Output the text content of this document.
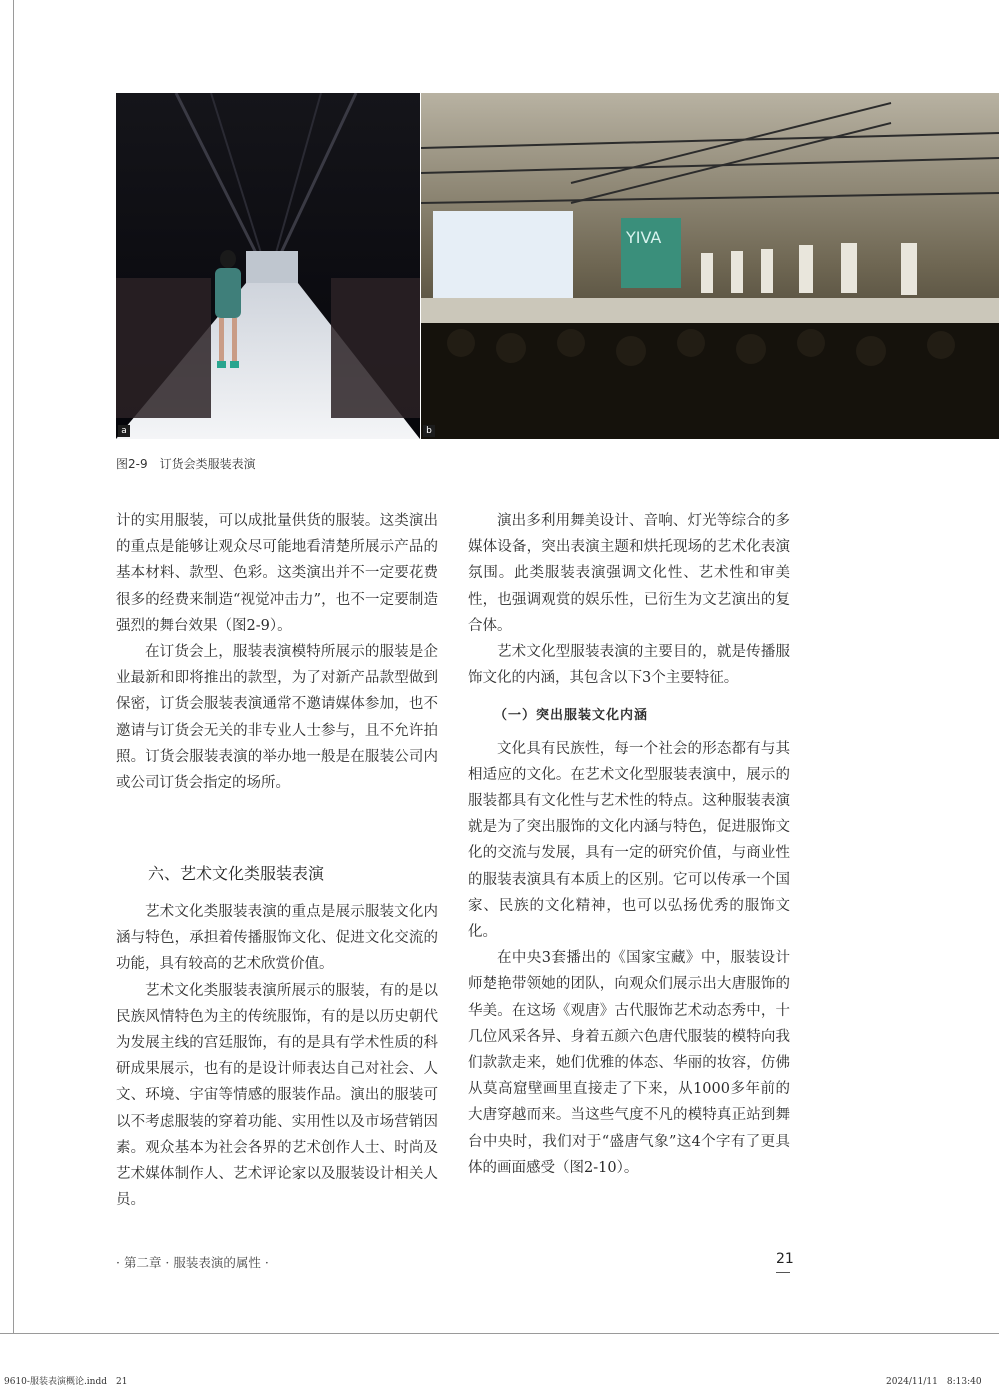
a
YIVA
b
图2-9　订货会类服装表演

计的实用服装，可以成批量供货的服装。这类演出的重点是能够让观众尽可能地看清楚所展示产品的基本材料、款型、色彩。这类演出并不一定要花费很多的经费来制造“视觉冲击力”，也不一定要制造强烈的舞台效果（图2-9）。

在订货会上，服装表演模特所展示的服装是企业最新和即将推出的款型，为了对新产品款型做到保密，订货会服装表演通常不邀请媒体参加，也不邀请与订货会无关的非专业人士参与，且不允许拍照。订货会服装表演的举办地一般是在服装公司内或公司订货会指定的场所。

六、艺术文化类服装表演

艺术文化类服装表演的重点是展示服装文化内涵与特色，承担着传播服饰文化、促进文化交流的功能，具有较高的艺术欣赏价值。

艺术文化类服装表演所展示的服装，有的是以民族风情特色为主的传统服饰，有的是以历史朝代为发展主线的宫廷服饰，有的是具有学术性质的科研成果展示，也有的是设计师表达自己对社会、人文、环境、宇宙等情感的服装作品。演出的服装可以不考虑服装的穿着功能、实用性以及市场营销因素。观众基本为社会各界的艺术创作人士、时尚及艺术媒体制作人、艺术评论家以及服装设计相关人员。

演出多利用舞美设计、音响、灯光等综合的多媒体设备，突出表演主题和烘托现场的艺术化表演氛围。此类服装表演强调文化性、艺术性和审美性，也强调观赏的娱乐性，已衍生为文艺演出的复合体。

艺术文化型服装表演的主要目的，就是传播服饰文化的内涵，其包含以下3个主要特征。

（一）突出服装文化内涵

文化具有民族性，每一个社会的形态都有与其相适应的文化。在艺术文化型服装表演中，展示的服装都具有文化性与艺术性的特点。这种服装表演就是为了突出服饰的文化内涵与特色，促进服饰文化的交流与发展，具有一定的研究价值，与商业性的服装表演具有本质上的区别。它可以传承一个国家、民族的文化精神，也可以弘扬优秀的服饰文化。

在中央3套播出的《国家宝藏》中，服装设计师楚艳带领她的团队，向观众们展示出大唐服饰的华美。在这场《观唐》古代服饰艺术动态秀中，十几位风采各异、身着五颜六色唐代服装的模特向我们款款走来，她们优雅的体态、华丽的妆容，仿佛从莫高窟壁画里直接走了下来，从1000多年前的大唐穿越而来。当这些气度不凡的模特真正站到舞台中央时，我们对于“盛唐气象”这4个字有了更具体的画面感受（图2-10）。

· 第二章 · 服装表演的属性 ·	21
9610-服装表演概论.indd　21	2024/11/11　8:13:40
